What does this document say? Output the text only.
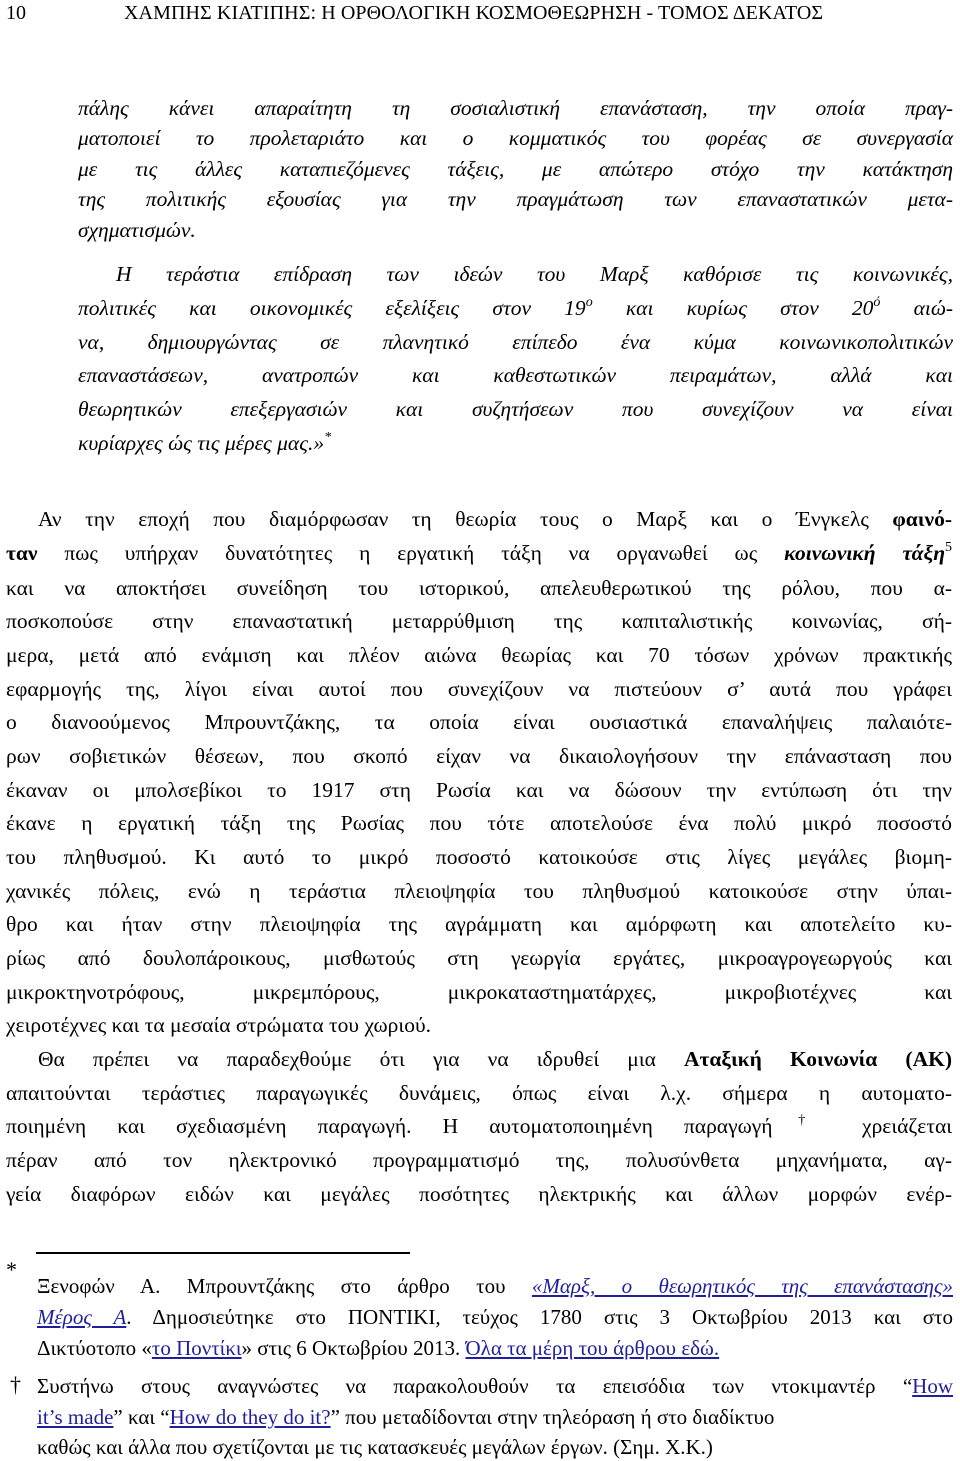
10	ΧΑΜΠΗΣ ΚΙΑΤΙΠΗΣ: Η ΟΡΘΟΛΟΓΙΚΗ ΚΟΣΜΟΘΕΩΡΗΣΗ - ΤΟΜΟΣ ΔΕΚΑΤΟΣ
πάλης κάνει απαραίτητη τη σοσιαλιστική επανάσταση, την οποία πραγ-
ματοποιεί το προλεταριάτο και ο κομματικός του φορέας σε συνεργασία
με τις άλλες καταπιεζόμενες τάξεις, με απώτερο στόχο την κατάκτηση
της πολιτικής εξουσίας για την πραγμάτωση των επαναστατικών μετα-
σχηματισμών.
Η τεράστια επίδραση των ιδεών του Μαρξ καθόρισε τις κοινωνικές,
πολιτικές και οικονομικές εξελίξεις στον $19^o$ και κυρίως στον $20^ό$ αιώ-
να, δημιουργώντας σε πλανητικό επίπεδο ένα κύμα κοινωνικοπολιτικών
επαναστάσεων, ανατροπών και καθεστωτικών πειραμάτων, αλλά και
θεωρητικών επεξεργασιών και συζητήσεων που συνεχίζουν να είναι
κυρίαρχες ώς τις μέρες μας.»*
Αν την εποχή που διαμόρφωσαν τη θεωρία τους ο Μαρξ και ο Ένγκελς φαινό-
ταν πως υπήρχαν δυνατότητες η εργατική τάξη να οργανωθεί ως κοινωνική τάξη$^5$
και να αποκτήσει συνείδηση του ιστορικού, απελευθερωτικού της ρόλου, που α-
ποσκοπούσε στην επαναστατική μεταρρύθμιση της καπιταλιστικής κοινωνίας, σή-
μερα, μετά από ενάμιση και πλέον αιώνα θεωρίας και 70 τόσων χρόνων πρακτικής
εφαρμογής της, λίγοι είναι αυτοί που συνεχίζουν να πιστεύουν σ’ αυτά που γράφει
ο διανοούμενος Μπρουντζάκης, τα οποία είναι ουσιαστικά επαναλήψεις παλαιότε-
ρων σοβιετικών θέσεων, που σκοπό είχαν να δικαιολογήσουν την επάνασταση που
έκαναν οι μπολσεβίκοι το 1917 στη Ρωσία και να δώσουν την εντύπωση ότι την
έκανε η εργατική τάξη της Ρωσίας που τότε αποτελούσε ένα πολύ μικρό ποσοστό
του πληθυσμού. Κι αυτό το μικρό ποσοστό κατοικούσε στις λίγες μεγάλες βιομη-
χανικές πόλεις, ενώ η τεράστια πλειοψηφία του πληθυσμού κατοικούσε στην ύπαι-
θρο και ήταν στην πλειοψηφία της αγράμματη και αμόρφωτη και αποτελείτο κυ-
ρίως από δουλοπάροικους, μισθωτούς στη γεωργία εργάτες, μικροαγρογεωργούς και
μικροκτηνοτρόφους, μικρεμπόρους, μικροκαταστηματάρχες, μικροβιοτέχνες και
χειροτέχνες και τα μεσαία στρώματα του χωριού.
Θα πρέπει να παραδεχθούμε ότι για να ιδρυθεί μια Αταξική Κοινωνία (ΑΚ)
απαιτούνται τεράστιες παραγωγικές δυνάμεις, όπως είναι λ.χ. σήμερα η αυτοματο-
ποιημένη και σχεδιασμένη παραγωγή. Η αυτοματοποιημένη παραγωγή† χρειάζεται
πέραν από τον ηλεκτρονικό προγραμματισμό της, πολυσύνθετα μηχανήματα, αγ-
γεία διαφόρων ειδών και μεγάλες ποσότητες ηλεκτρικής και άλλων μορφών ενέρ-
*
Ξενοφών Α. Μπρουντζάκης στο άρθρο του «Μαρξ, ο θεωρητικός της επανάστασης»
Μέρος Α. Δημοσιεύτηκε στο ΠΟΝΤΙΚΙ, τεύχος 1780 στις 3 Οκτωβρίου 2013 και στο
Δικτύοτοπο «το Ποντίκι» στις 6 Οκτωβρίου 2013. Όλα τα μέρη του άρθρου εδώ.
† Συστήνω στους αναγνώστες να παρακολουθούν τα επεισόδια των ντοκιμαντέρ “How
it’s made” και “How do they do it?” που μεταδίδονται στην τηλεόραση ή στο διαδίκτυο
καθώς και άλλα που σχετίζονται με τις κατασκευές μεγάλων έργων. (Σημ. Χ.Κ.)
